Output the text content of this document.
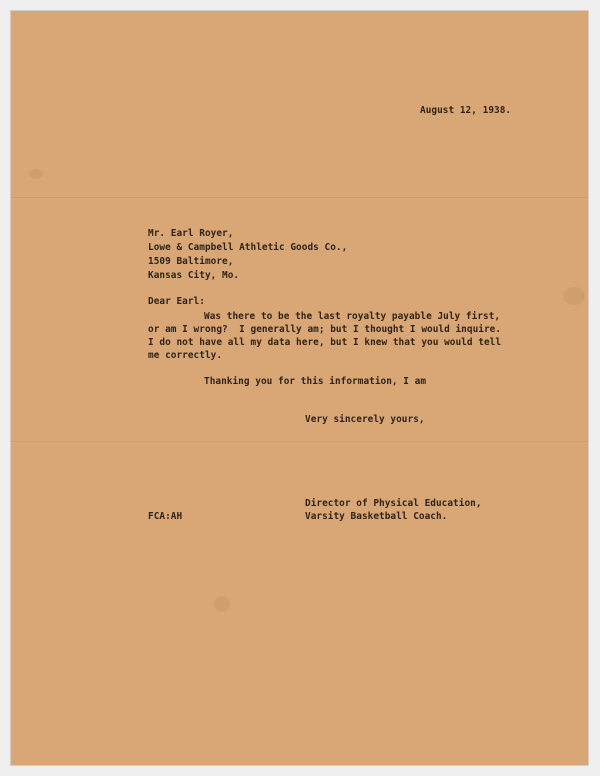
August 12, 1938.
Mr. Earl Royer,
Lowe & Campbell Athletic Goods Co.,
1509 Baltimore,
Kansas City, Mo.
Dear Earl:
Was there to be the last royalty payable July first,
or am I wrong?  I generally am; but I thought I would inquire.
I do not have all my data here, but I knew that you would tell
me correctly.
Thanking you for this information, I am
Very sincerely yours,
Director of Physical Education,
Varsity Basketball Coach.
FCA:AH
